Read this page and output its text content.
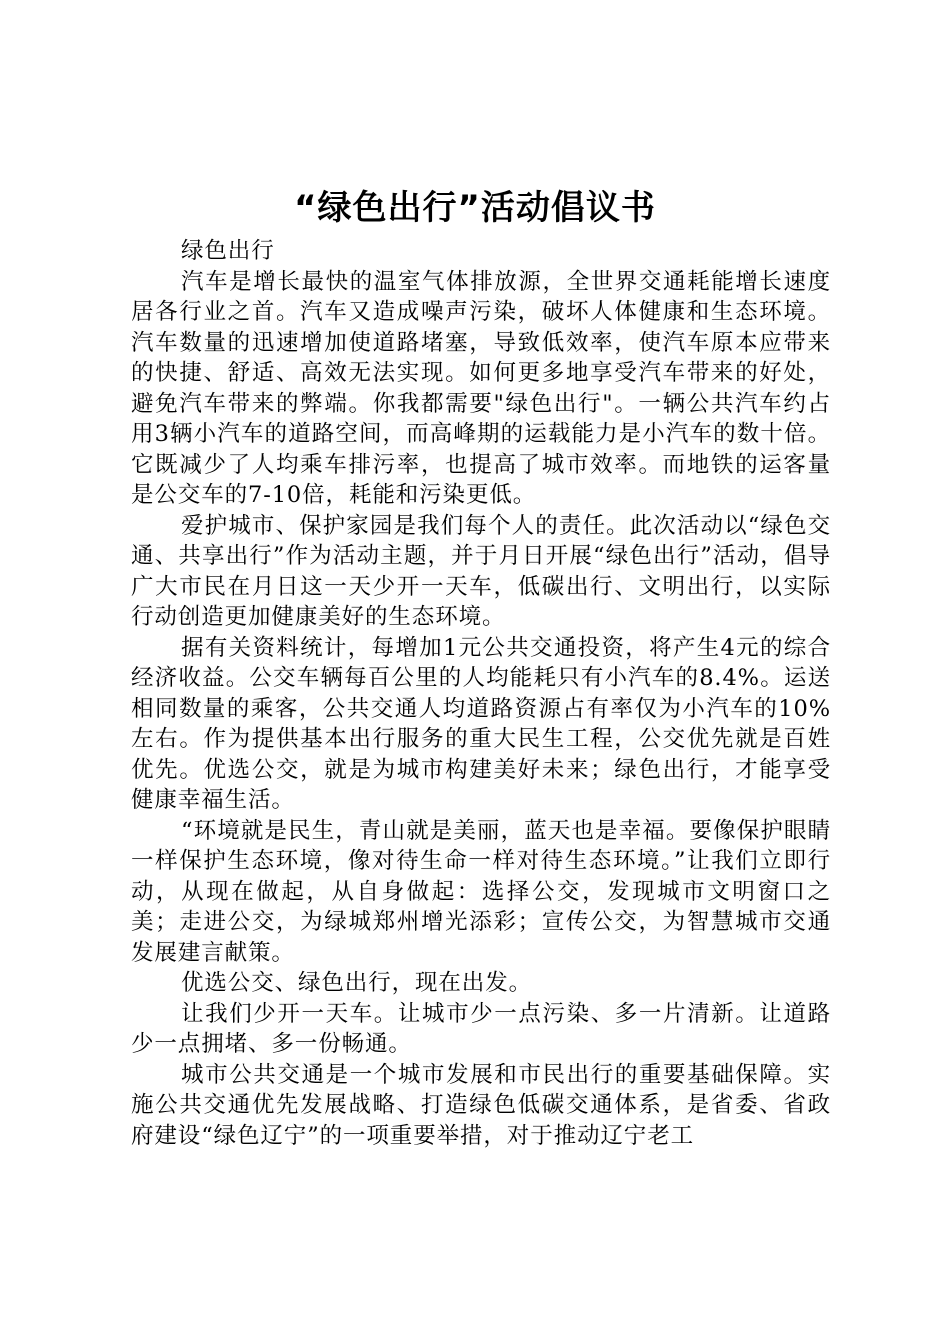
“绿色出行”活动倡议书

绿色出行

汽车是增长最快的温室气体排放源，全世界交通耗能增长速度居各行业之首。汽车又造成噪声污染，破坏人体健康和生态环境。汽车数量的迅速增加使道路堵塞，导致低效率，使汽车原本应带来的快捷、舒适、高效无法实现。如何更多地享受汽车带来的好处，避免汽车带来的弊端。你我都需要"绿色出行"。一辆公共汽车约占用3辆小汽车的道路空间，而高峰期的运载能力是小汽车的数十倍。它既减少了人均乘车排污率，也提高了城市效率。而地铁的运客量是公交车的7-10倍，耗能和污染更低。

爱护城市、保护家园是我们每个人的责任。此次活动以“绿色交通、共享出行”作为活动主题，并于月日开展“绿色出行”活动，倡导广大市民在月日这一天少开一天车，低碳出行、文明出行，以实际行动创造更加健康美好的生态环境。

据有关资料统计，每增加1元公共交通投资，将产生4元的综合经济收益。公交车辆每百公里的人均能耗只有小汽车的8.4%。运送相同数量的乘客，公共交通人均道路资源占有率仅为小汽车的10%左右。作为提供基本出行服务的重大民生工程，公交优先就是百姓优先。优选公交，就是为城市构建美好未来；绿色出行，才能享受健康幸福生活。

“环境就是民生，青山就是美丽，蓝天也是幸福。要像保护眼睛一样保护生态环境，像对待生命一样对待生态环境。”让我们立即行动，从现在做起，从自身做起：选择公交，发现城市文明窗口之美；走进公交，为绿城郑州增光添彩；宣传公交，为智慧城市交通发展建言献策。

优选公交、绿色出行，现在出发。

让我们少开一天车。让城市少一点污染、多一片清新。让道路少一点拥堵、多一份畅通。

城市公共交通是一个城市发展和市民出行的重要基础保障。实施公共交通优先发展战略、打造绿色低碳交通体系，是省委、省政府建设“绿色辽宁”的一项重要举措，对于推动辽宁老工
